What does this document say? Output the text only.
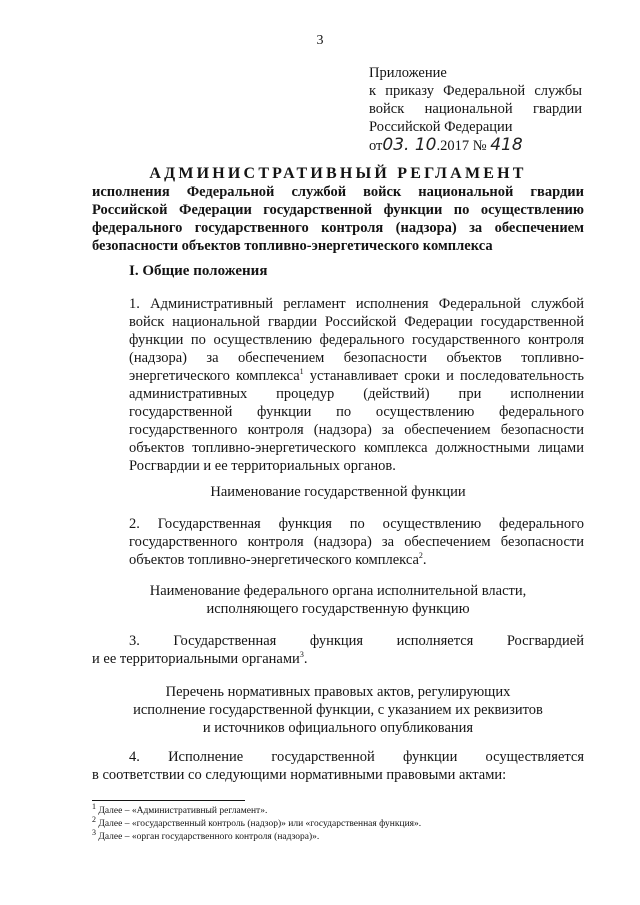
3
Приложение
к приказу Федеральной службы
войск национальной гвардии
Российской Федерации
от03. 10.2017 № 418
АДМИНИСТРАТИВНЫЙ РЕГЛАМЕНТ
исполнения Федеральной службой войск национальной гвардии Российской Федерации государственной функции по осуществлению федерального государственного контроля (надзора) за обеспечением безопасности объектов топливно-энергетического комплекса
I. Общие положения
1. Административный регламент исполнения Федеральной службой войск национальной гвардии Российской Федерации государственной функции по осуществлению федерального государственного контроля (надзора) за обеспечением безопасности объектов топливно-энергетического комплекса$^1$ устанавливает сроки и последовательность административных процедур (действий) при исполнении государственной функции по осуществлению федерального государственного контроля (надзора) за обеспечением безопасности объектов топливно-энергетического комплекса должностными лицами Росгвардии и ее территориальных органов.
Наименование государственной функции
2. Государственная функция по осуществлению федерального государственного контроля (надзора) за обеспечением безопасности объектов топливно-энергетического комплекса$^2$.
Наименование федерального органа исполнительной власти,
исполняющего государственную функцию
3. Государственная функция исполняется Росгвардией
и ее территориальными органами$^3$.
Перечень нормативных правовых актов, регулирующих
исполнение государственной функции, с указанием их реквизитов
и источников официального опубликования
4. Исполнение государственной функции осуществляется
в соответствии со следующими нормативными правовыми актами:
$^1$ Далее – «Административный регламент».
$^2$ Далее – «государственный контроль (надзор)» или «государственная функция».
$^3$ Далее – «орган государственного контроля (надзора)».
